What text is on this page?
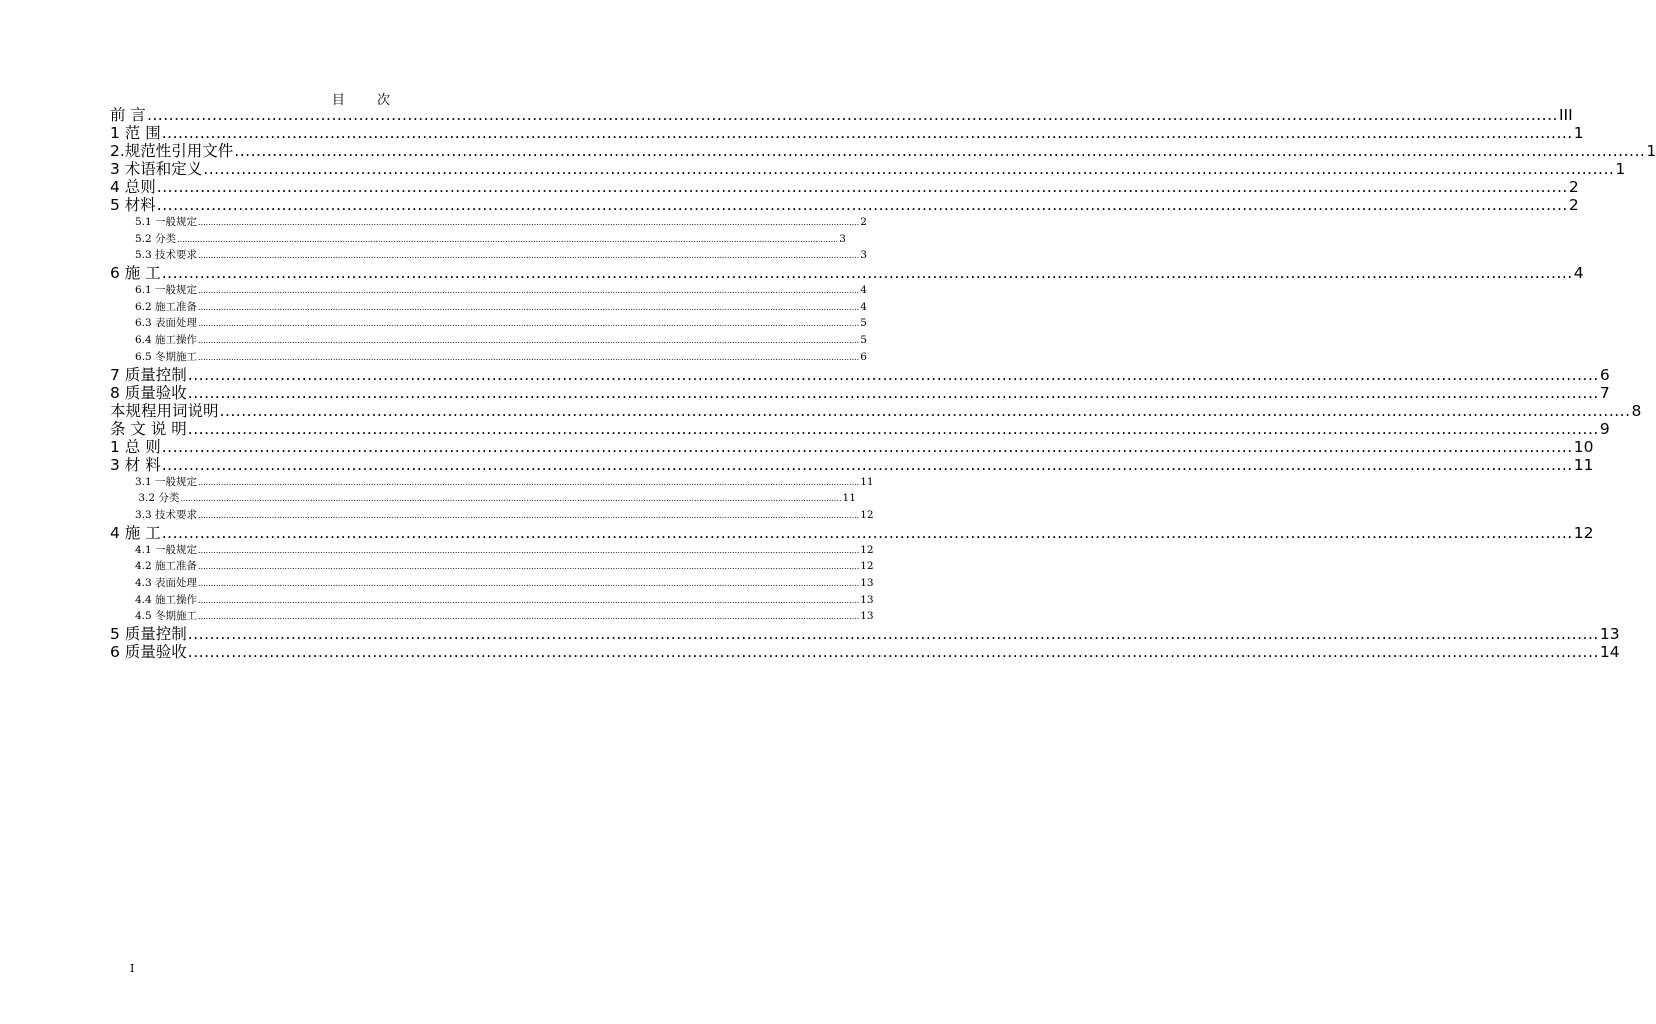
目 次
前 言 .................................................................................................................................................................................................................................................................... III
1 范 围 .................................................................................................................................................................................................................................................................... 1
2.规范性引用文件 .................................................................................................................................................................................................................................................................... 1
3 术语和定义 .................................................................................................................................................................................................................................................................... 1
4 总则 .................................................................................................................................................................................................................................................................... 2
5 材料 .................................................................................................................................................................................................................................................................... 2
5.1 一般规定 .................................................................................................................................................................................................................................................................... 2
5.2 分类 .................................................................................................................................................................................................................................................................... 3
5.3 技术要求 .................................................................................................................................................................................................................................................................... 3
6 施 工 .................................................................................................................................................................................................................................................................... 4
6.1 一般规定 .................................................................................................................................................................................................................................................................... 4
6.2 施工准备 .................................................................................................................................................................................................................................................................... 4
6.3 表面处理 .................................................................................................................................................................................................................................................................... 5
6.4 施工操作 .................................................................................................................................................................................................................................................................... 5
6.5 冬期施工 .................................................................................................................................................................................................................................................................... 6
7 质量控制 .................................................................................................................................................................................................................................................................... 6
8 质量验收 .................................................................................................................................................................................................................................................................... 7
本规程用词说明 .................................................................................................................................................................................................................................................................... 8
条 文 说 明 .................................................................................................................................................................................................................................................................... 9
1 总 则 .................................................................................................................................................................................................................................................................... 10
3 材 料 .................................................................................................................................................................................................................................................................... 11
3.1 一般规定 .................................................................................................................................................................................................................................................................... 11
3.2 分类 .................................................................................................................................................................................................................................................................... 11
3.3 技术要求 .................................................................................................................................................................................................................................................................... 12
4 施 工 .................................................................................................................................................................................................................................................................... 12
4.1 一般规定 .................................................................................................................................................................................................................................................................... 12
4.2 施工准备 .................................................................................................................................................................................................................................................................... 12
4.3 表面处理 .................................................................................................................................................................................................................................................................... 13
4.4 施工操作 .................................................................................................................................................................................................................................................................... 13
4.5 冬期施工 .................................................................................................................................................................................................................................................................... 13
5 质量控制 .................................................................................................................................................................................................................................................................... 13
6 质量验收 .................................................................................................................................................................................................................................................................... 14
I
